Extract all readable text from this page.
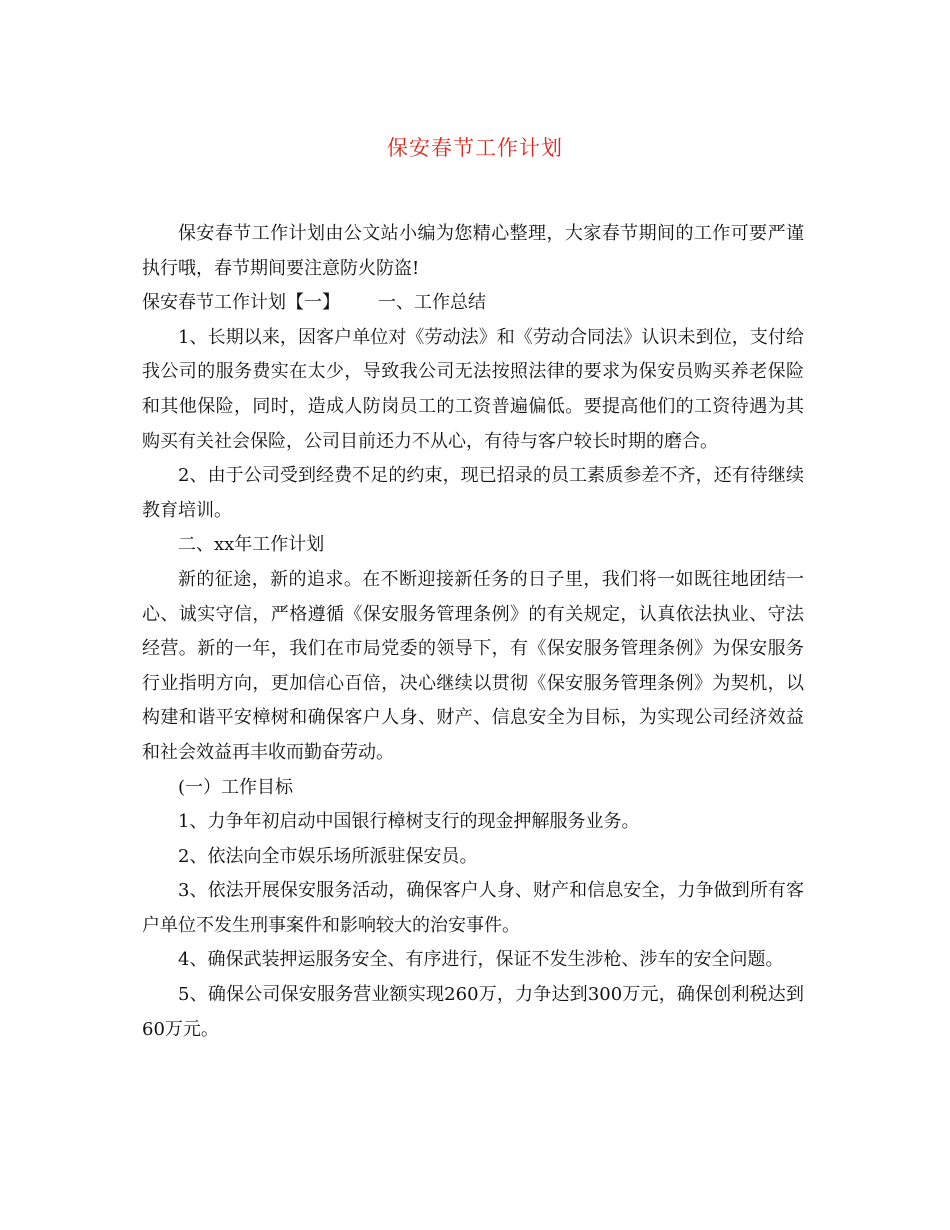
保安春节工作计划

保安春节工作计划由公文站小编为您精心整理，大家春节期间的工作可要严谨执行哦，春节期间要注意防火防盗!

保安春节工作计划【一】 一、工作总结

1、长期以来，因客户单位对《劳动法》和《劳动合同法》认识未到位，支付给我公司的服务费实在太少，导致我公司无法按照法律的要求为保安员购买养老保险和其他保险，同时，造成人防岗员工的工资普遍偏低。要提高他们的工资待遇为其购买有关社会保险，公司目前还力不从心，有待与客户较长时期的磨合。

2、由于公司受到经费不足的约束，现已招录的员工素质参差不齐，还有待继续教育培训。

二、xx年工作计划

新的征途，新的追求。在不断迎接新任务的日子里，我们将一如既往地团结一心、诚实守信，严格遵循《保安服务管理条例》的有关规定，认真依法执业、守法经营。新的一年，我们在市局党委的领导下，有《保安服务管理条例》为保安服务行业指明方向，更加信心百倍，决心继续以贯彻《保安服务管理条例》为契机，以构建和谐平安樟树和确保客户人身、财产、信息安全为目标，为实现公司经济效益和社会效益再丰收而勤奋劳动。

(一）工作目标

1、力争年初启动中国银行樟树支行的现金押解服务业务。

2、依法向全市娱乐场所派驻保安员。

3、依法开展保安服务活动，确保客户人身、财产和信息安全，力争做到所有客户单位不发生刑事案件和影响较大的治安事件。

4、确保武装押运服务安全、有序进行，保证不发生涉枪、涉车的安全问题。

5、确保公司保安服务营业额实现260万，力争达到300万元，确保创利税达到60万元。
